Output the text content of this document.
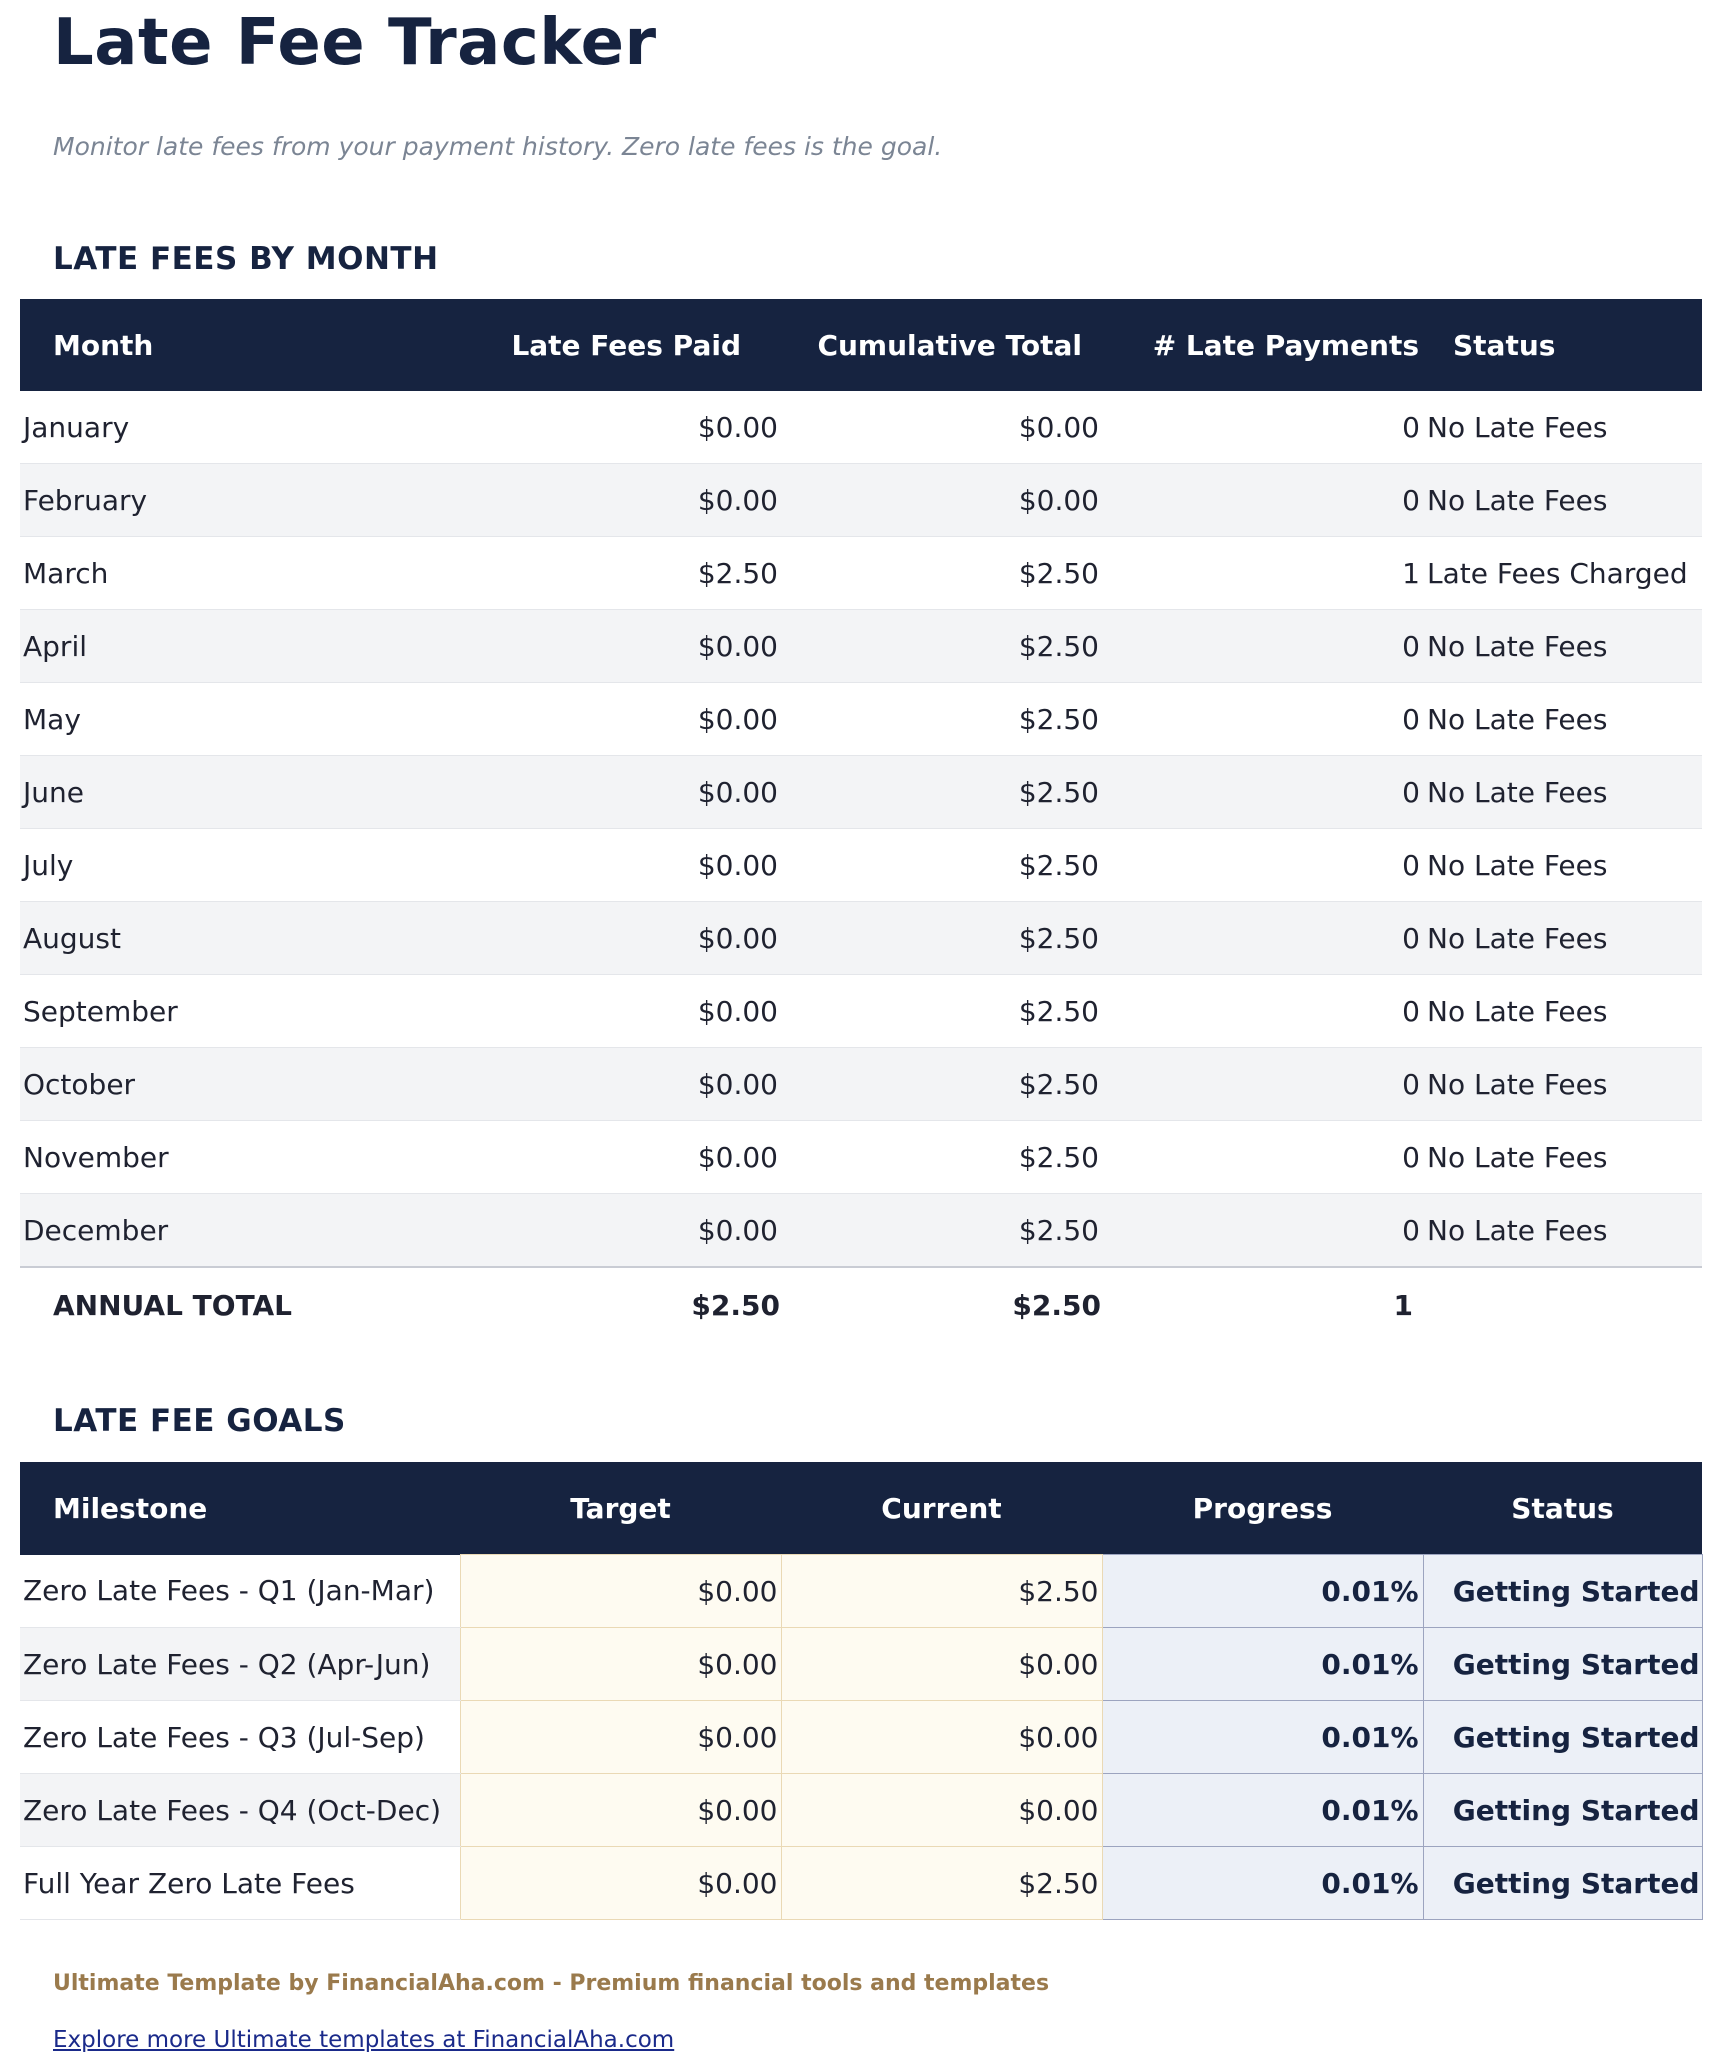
Late Fee Tracker

Monitor late fees from your payment history. Zero late fees is the goal.

LATE FEES BY MONTH
Month	Late Fees Paid	Cumulative Total	# Late Payments	Status
January	$0.00	$0.00	0	No Late Fees
February	$0.00	$0.00	0	No Late Fees
March	$2.50	$2.50	1	Late Fees Charged
April	$0.00	$2.50	0	No Late Fees
May	$0.00	$2.50	0	No Late Fees
June	$0.00	$2.50	0	No Late Fees
July	$0.00	$2.50	0	No Late Fees
August	$0.00	$2.50	0	No Late Fees
September	$0.00	$2.50	0	No Late Fees
October	$0.00	$2.50	0	No Late Fees
November	$0.00	$2.50	0	No Late Fees
December	$0.00	$2.50	0	No Late Fees
ANNUAL TOTAL	$2.50	$2.50	1	
LATE FEE GOALS
Milestone	Target	Current	Progress	Status
Zero Late Fees - Q1 (Jan-Mar)	$0.00	$2.50	0.01%	Getting Started
Zero Late Fees - Q2 (Apr-Jun)	$0.00	$0.00	0.01%	Getting Started
Zero Late Fees - Q3 (Jul-Sep)	$0.00	$0.00	0.01%	Getting Started
Zero Late Fees - Q4 (Oct-Dec)	$0.00	$0.00	0.01%	Getting Started
Full Year Zero Late Fees	$0.00	$2.50	0.01%	Getting Started

Ultimate Template by FinancialAha.com - Premium financial tools and templates

Explore more Ultimate templates at FinancialAha.com
